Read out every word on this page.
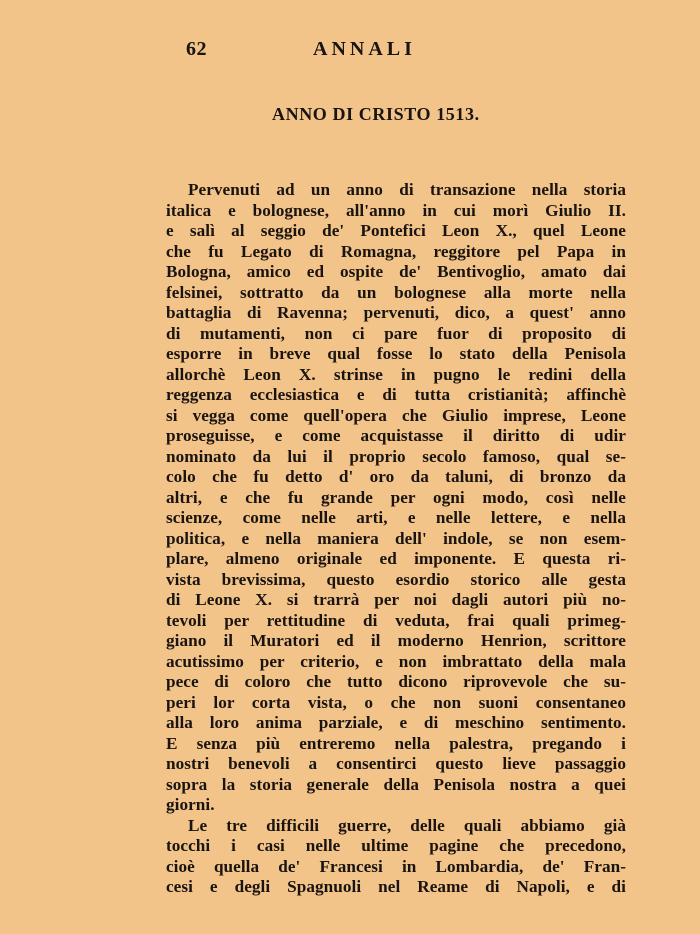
62	ANNALI
ANNO DI CRISTO 1513.
Pervenuti ad un anno di transazione nella storia
italica e bolognese, all'anno in cui morì Giulio II.
e salì al seggio de' Pontefici Leon X., quel Leone
che fu Legato di Romagna, reggitore pel Papa in
Bologna, amico ed ospite de' Bentivoglio, amato dai
felsinei, sottratto da un bolognese alla morte nella
battaglia di Ravenna; pervenuti, dico, a quest' anno
di mutamenti, non ci pare fuor di proposito di
esporre in breve qual fosse lo stato della Penisola
allorchè Leon X. strinse in pugno le redini della
reggenza ecclesiastica e di tutta cristianità; affinchè
si vegga come quell'opera che Giulio imprese, Leone
proseguisse, e come acquistasse il diritto di udir
nominato da lui il proprio secolo famoso, qual se-
colo che fu detto d' oro da taluni, di bronzo da
altri, e che fu grande per ogni modo, così nelle
scienze, come nelle arti, e nelle lettere, e nella
politica, e nella maniera dell' indole, se non esem-
plare, almeno originale ed imponente. E questa ri-
vista brevissima, questo esordio storico alle gesta
di Leone X. si trarrà per noi dagli autori più no-
tevoli per rettitudine di veduta, frai quali primeg-
giano il Muratori ed il moderno Henrion, scrittore
acutissimo per criterio, e non imbrattato della mala
pece di coloro che tutto dicono riprovevole che su-
peri lor corta vista, o che non suoni consentaneo
alla loro anima parziale, e di meschino sentimento.
E senza più entreremo nella palestra, pregando i
nostri benevoli a consentirci questo lieve passaggio
sopra la storia generale della Penisola nostra a quei
giorni.
Le tre difficili guerre, delle quali abbiamo già
tocchi i casi nelle ultime pagine che precedono,
cioè quella de' Francesi in Lombardia, de' Fran-
cesi e degli Spagnuoli nel Reame di Napoli, e di
